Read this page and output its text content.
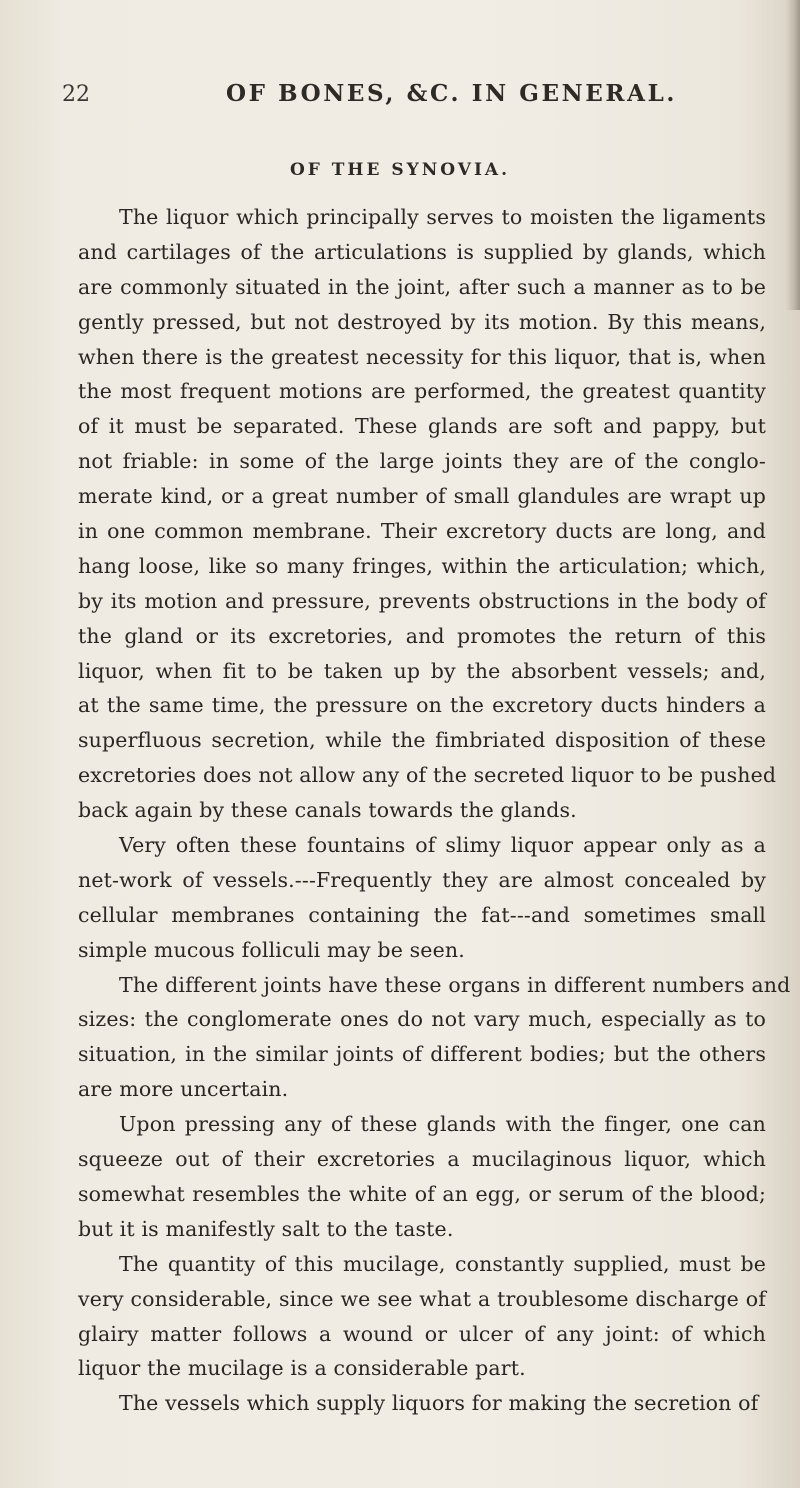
22	OF BONES, &C. IN GENERAL.
OF THE SYNOVIA.
The liquor which principally serves to moisten the ligaments
and cartilages of the articulations is supplied by glands, which
are commonly situated in the joint, after such a manner as to be
gently pressed, but not destroyed by its motion. By this means,
when there is the greatest necessity for this liquor, that is, when
the most frequent motions are performed, the greatest quantity
of it must be separated. These glands are soft and pappy, but
not friable: in some of the large joints they are of the conglo-
merate kind, or a great number of small glandules are wrapt up
in one common membrane. Their excretory ducts are long, and
hang loose, like so many fringes, within the articulation; which,
by its motion and pressure, prevents obstructions in the body of
the gland or its excretories, and promotes the return of this
liquor, when fit to be taken up by the absorbent vessels; and,
at the same time, the pressure on the excretory ducts hinders a
superfluous secretion, while the fimbriated disposition of these
excretories does not allow any of the secreted liquor to be pushed
back again by these canals towards the glands.
Very often these fountains of slimy liquor appear only as a
net-work of vessels.---Frequently they are almost concealed by
cellular membranes containing the fat---and sometimes small
simple mucous folliculi may be seen.
The different joints have these organs in different numbers and
sizes: the conglomerate ones do not vary much, especially as to
situation, in the similar joints of different bodies; but the others
are more uncertain.
Upon pressing any of these glands with the finger, one can
squeeze out of their excretories a mucilaginous liquor, which
somewhat resembles the white of an egg, or serum of the blood;
but it is manifestly salt to the taste.
The quantity of this mucilage, constantly supplied, must be
very considerable, since we see what a troublesome discharge of
glairy matter follows a wound or ulcer of any joint: of which
liquor the mucilage is a considerable part.
The vessels which supply liquors for making the secretion of
